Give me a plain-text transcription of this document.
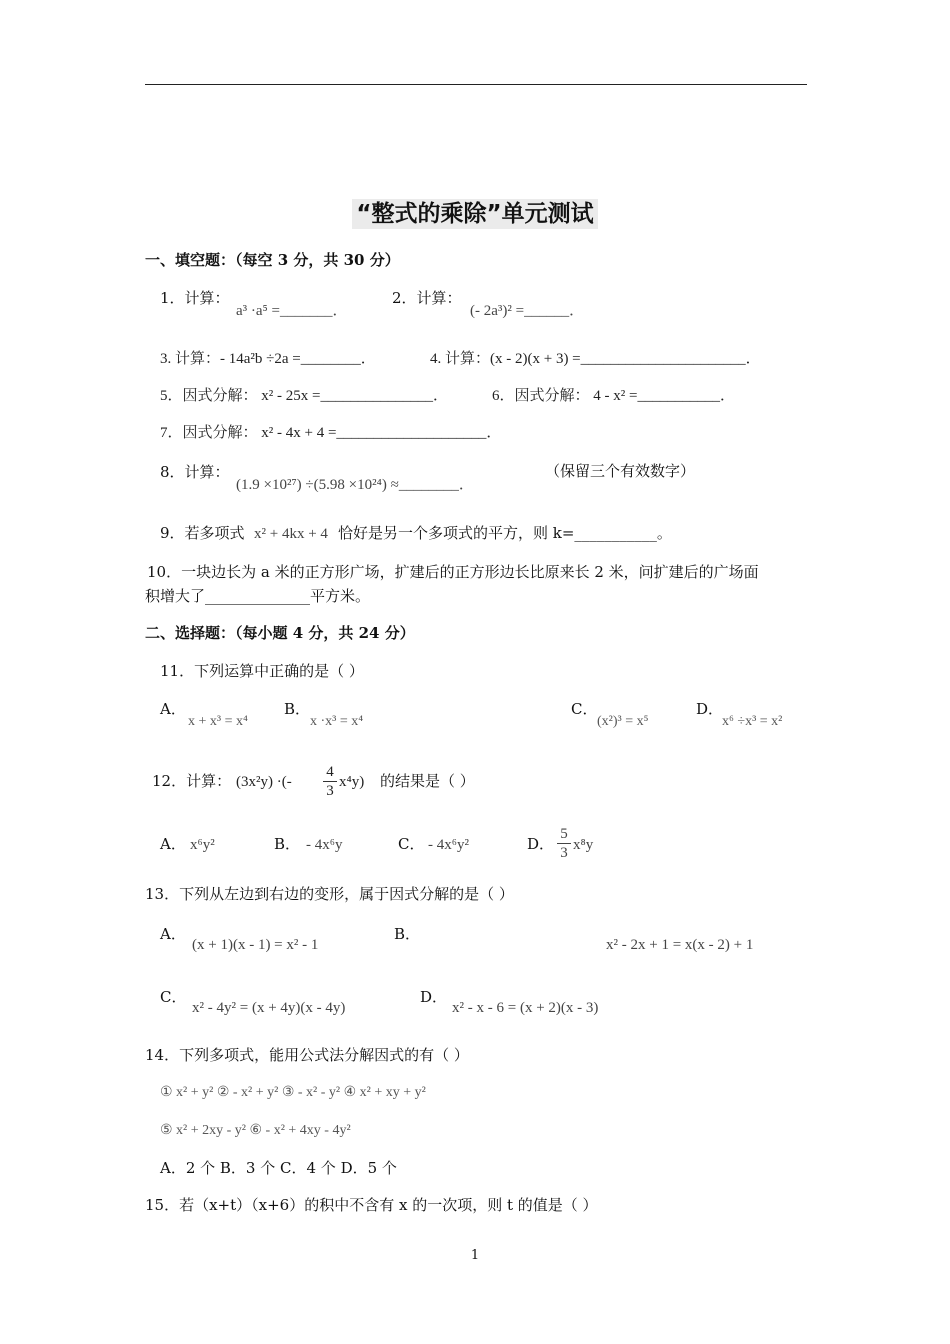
“整式的乘除”单元测试
一、填空题：（每空 3 分，共 30 分）
1．计算：
a³ ·a⁵ =_______．
2．计算：
(- 2a³)² =______．
3. 计算：- 14a²b ÷2a =________．	4. 计算：(x - 2)(x + 3) =______________________．
5．因式分解： x² - 25x =_______________．	6．因式分解： 4 - x² =___________．
7．因式分解： x² - 4x + 4 =____________________．
8．计算：
(1.9 ×10²⁷) ÷(5.98 ×10²⁴) ≈________．
（保留三个有效数字）
9．若多项式 x² + 4kx + 4 恰好是另一个多项式的平方，则 k=___________。
10．一块边长为 a 米的正方形广场，扩建后的正方形边长比原来长 2 米，问扩建后的广场面
积增大了______________平方米。
二、选择题：（每小题 4 分，共 24 分）
11．下列运算中正确的是（ ）
A．
x + x³ = x⁴
B．
x ·x³ = x⁴
C．
(x²)³ = x⁵
D．
x⁶ ÷x³ = x²
12．计算： (3x²y) ·(- $\frac{4}{3} x^4y$) 的结果是（ ）
A． x⁶y²	B． - 4x⁶y	C． - 4x⁶y²	D． $\frac{5}{3} x^8y$
13．下列从左边到右边的变形，属于因式分解的是（ ）
A．
(x + 1)(x - 1) = x² - 1
B．
x² - 2x + 1 = x(x - 2) + 1
C．
x² - 4y² = (x + 4y)(x - 4y)
D．
x² - x - 6 = (x + 2)(x - 3)
14．下列多项式，能用公式法分解因式的有（ ）
① x² + y² ② - x² + y² ③ - x² - y² ④ x² + xy + y²
⑤ x² + 2xy - y² ⑥ - x² + 4xy - 4y²
A．2 个 B．3 个 C．4 个 D．5 个
15．若（x+t）（x+6）的积中不含有 x 的一次项，则 t 的值是（ ）
1
